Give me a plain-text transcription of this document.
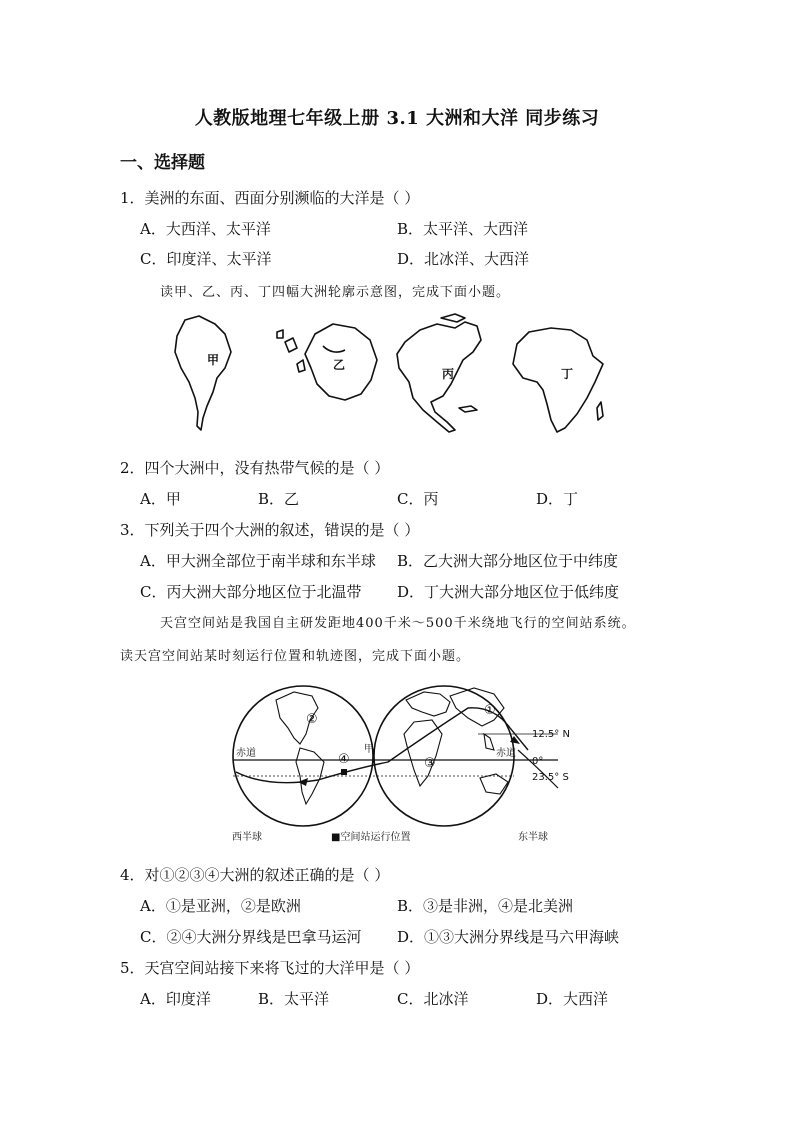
人教版地理七年级上册 3.1 大洲和大洋 同步练习
一、选择题
1．美洲的东面、西面分别濒临的大洋是（ ）
A．大西洋、太平洋	B．太平洋、大西洋
C．印度洋、太平洋	D．北冰洋、大西洋
读甲、乙、丙、丁四幅大洲轮廓示意图，完成下面小题。
甲	乙
丙	丁
2．四个大洲中，没有热带气候的是（ ）
A．甲	B．乙	C．丙	D．丁
3．下列关于四个大洲的叙述，错误的是（ ）
A．甲大洲全部位于南半球和东半球 B．乙大洲大部分地区位于中纬度
C．丙大洲大部分地区位于北温带 D．丁大洲大部分地区位于低纬度
天宫空间站是我国自主研发距地400千米～500千米绕地飞行的空间站系统。
读天宫空间站某时刻运行位置和轨迹图，完成下面小题。
①
②
③
④
甲
赤道	赤道
12.5° N
0°
23.5° S
西半球	■空间站运行位置	东半球
4．对①②③④大洲的叙述正确的是（ ）
A．①是亚洲，②是欧洲	B．③是非洲，④是北美洲
C．②④大洲分界线是巴拿马运河 D．①③大洲分界线是马六甲海峡
5．天宫空间站接下来将飞过的大洋甲是（ ）
A．印度洋	B．太平洋	C．北冰洋	D．大西洋
